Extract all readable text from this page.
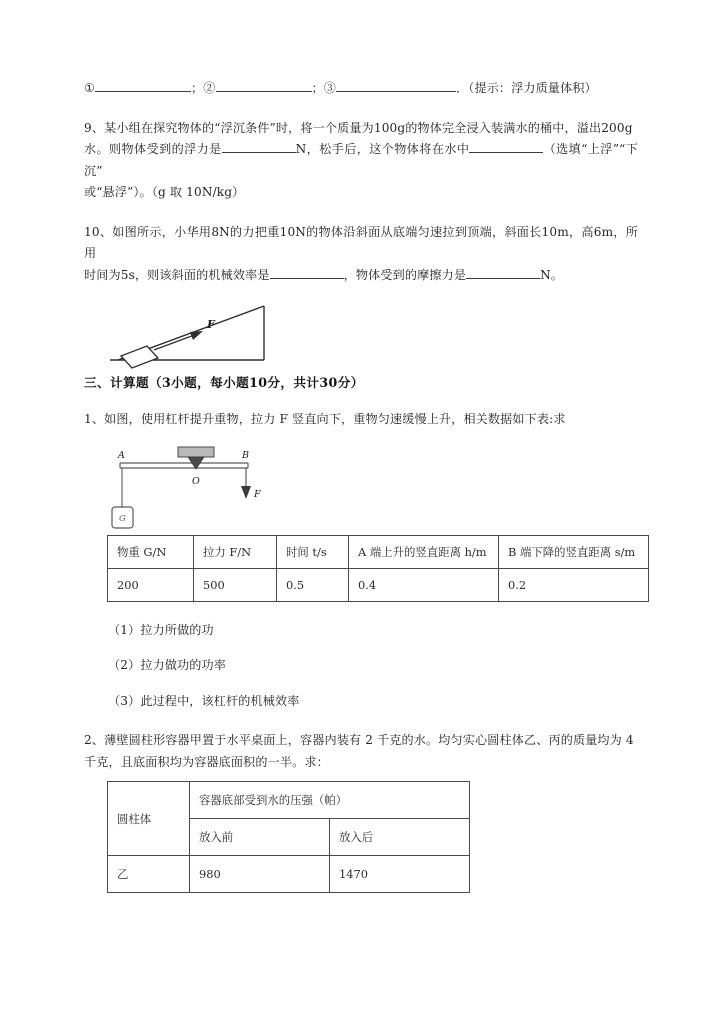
①	；②	；③	．（提示：浮力质量体积）

9、某小组在探究物体的“浮沉条件”时，将一个质量为100g的物体完全浸入装满水的桶中，溢出200g

水。则物体受到的浮力是	N，松手后，这个物体将在水中	（选填“上浮”“下沉”

或“悬浮”）。（g 取 10N/kg）

10、如图所示，小华用8N的力把重10N的物体沿斜面从底端匀速拉到顶端，斜面长10m，高6m，所用

时间为5s，则该斜面的机械效率是	，物体受到的摩擦力是	N。

F

三、计算题（3小题，每小题10分，共计30分）

1、如图，使用杠杆提升重物，拉力 F 竖直向下，重物匀速缓慢上升，相关数据如下表:求

O
A	B
G
F
物重 G/N	拉力 F/N	时间 t/s	A 端上升的竖直距离 h/m	B 端下降的竖直距离 s/m
200	500	0.5	0.4	0.2

（1）拉力所做的功

（2）拉力做功的功率

（3）此过程中，该杠杆的机械效率

2、薄壁圆柱形容器甲置于水平桌面上，容器内装有 2 千克的水。均匀实心圆柱体乙、丙的质量均为 4

千克，且底面积均为容器底面积的一半。求：

圆柱体	容器底部受到水的压强（帕）	
	放入前	放入后
乙	980	1470
